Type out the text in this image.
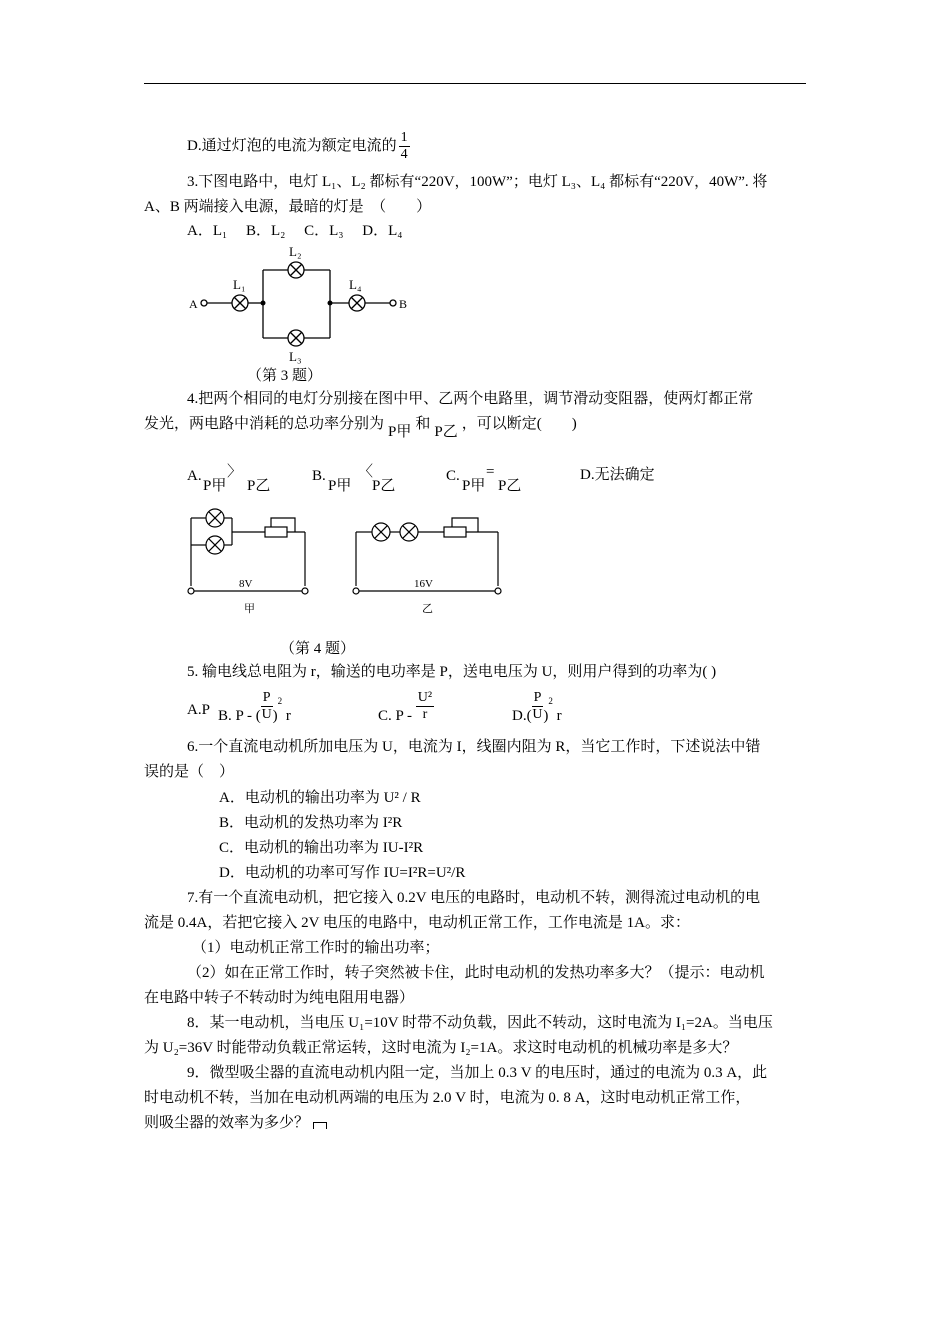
D.通过灯泡的电流为额定电流的 $\frac{1}{4}$
3.下图电路中，电灯 L₁、L₂ 都标有“220V，100W”；电灯 L₃、L₄ 都标有“220V，40W”. 将
A、B 两端接入电源，最暗的灯是　（　　）
A．L₁　 B．L₂　 C．L₃　 D．L₄
A	B
L₁
L₂
L₃
L₄
（第 3 题）
4.把两个相同的电灯分别接在图中甲、乙两个电路里，调节滑动变阻器，使两灯都正常
发光，两电路中消耗的总功率分别为 P甲 和 P乙 ，可以断定(　　)
A.
P甲
〉
P乙
B.
P甲
〈
P乙
C.
P甲
=
P乙
D.无法确定
8V
甲
16V
乙
（第 4 题）
5. 输电线总电阻为 r，输送的电功率是 P，送电电压为 U，则用户得到的功率为( )
A.P B. P - ( $\frac{P}{U} )^2$ r	C. P - $\frac{\text{U²}}{r}$	$D.( \frac{P}{U} )^2$ r
6.一个直流电动机所加电压为 U，电流为 I，线圈内阻为 R，当它工作时，下述说法中错
误的是（　）
A．电动机的输出功率为 U² / R
B．电动机的发热功率为 I²R
C．电动机的输出功率为 IU-I²R
D．电动机的功率可写作 IU=I²R=U²/R
7.有一个直流电动机，把它接入 0.2V 电压的电路时，电动机不转，测得流过电动机的电
流是 0.4A，若把它接入 2V 电压的电路中，电动机正常工作，工作电流是 1A。求：
（1）电动机正常工作时的输出功率；
（2）如在正常工作时，转子突然被卡住，此时电动机的发热功率多大？（提示：电动机
在电路中转子不转动时为纯电阻用电器）
8．某一电动机，当电压 U₁=10V 时带不动负载，因此不转动，这时电流为 I₁=2A。当电压
为 U₂=36V 时能带动负载正常运转，这时电流为 I₂=1A。求这时电动机的机械功率是多大？
9．微型吸尘器的直流电动机内阻一定，当加上 0.3 V 的电压时，通过的电流为 0.3 A，此
时电动机不转，当加在电动机两端的电压为 2.0 V 时，电流为 0. 8 A，这时电动机正常工作，
则吸尘器的效率为多少？
